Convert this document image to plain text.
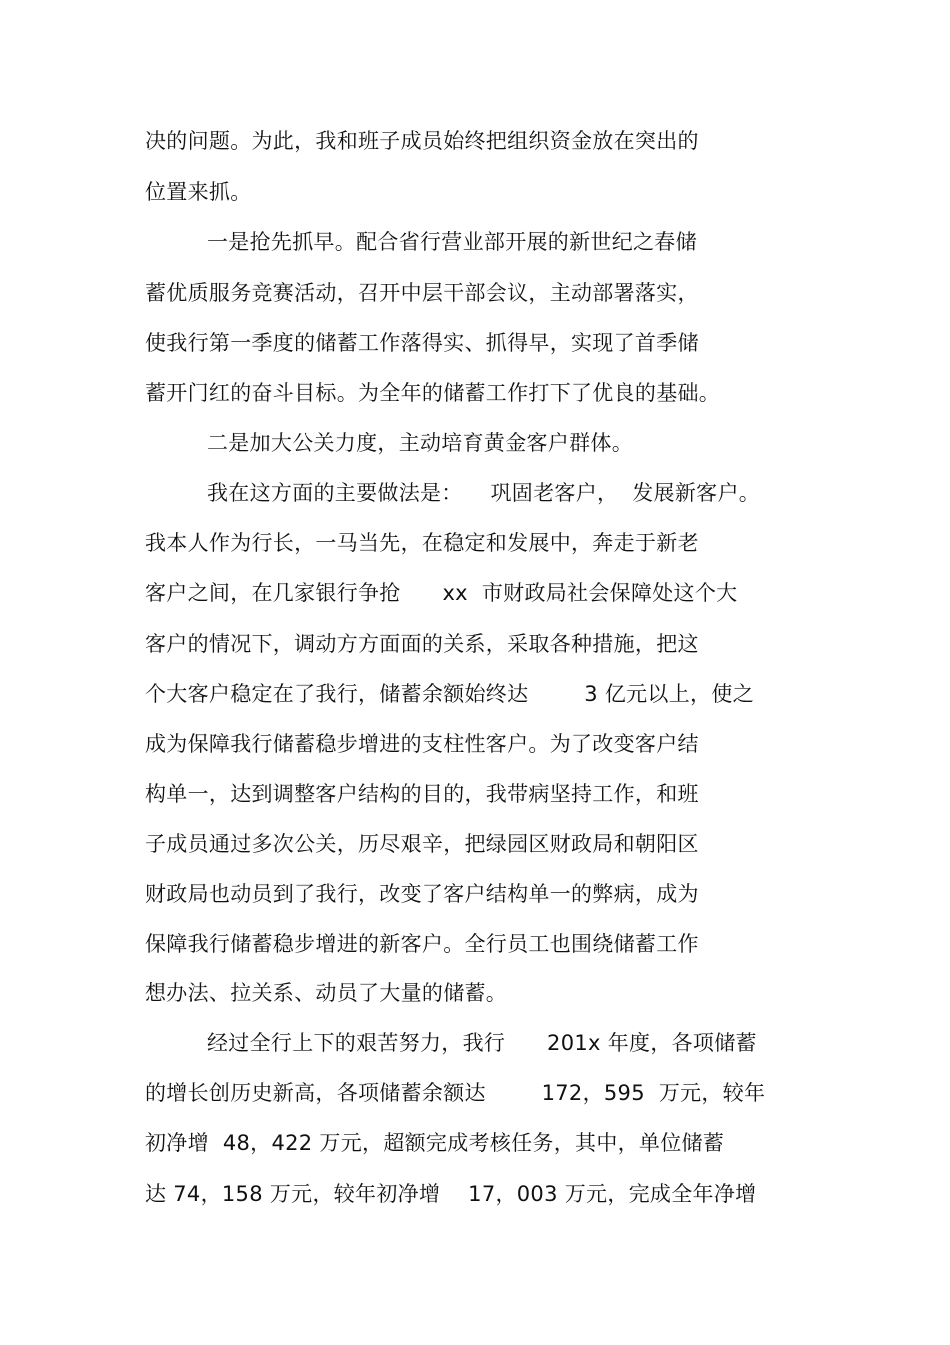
决的问题。为此，我和班子成员始终把组织资金放在突出的
位置来抓。
一是抢先抓早。配合省行营业部开展的新世纪之春储
蓄优质服务竞赛活动，召开中层干部会议，主动部署落实，
使我行第一季度的储蓄工作落得实、抓得早，实现了首季储
蓄开门红的奋斗目标。为全年的储蓄工作打下了优良的基础。
二是加大公关力度，主动培育黄金客户群体。
我在这方面的主要做法是：    巩固老客户，  发展新客户。
我本人作为行长，一马当先，在稳定和发展中，奔走于新老
客户之间，在几家银行争抢      xx  市财政局社会保障处这个大
客户的情况下，调动方方面面的关系，采取各种措施，把这
个大客户稳定在了我行，储蓄余额始终达        3 亿元以上，使之
成为保障我行储蓄稳步增进的支柱性客户。为了改变客户结
构单一，达到调整客户结构的目的，我带病坚持工作，和班
子成员通过多次公关，历尽艰辛，把绿园区财政局和朝阳区
财政局也动员到了我行，改变了客户结构单一的弊病，成为
保障我行储蓄稳步增进的新客户。全行员工也围绕储蓄工作
想办法、拉关系、动员了大量的储蓄。
经过全行上下的艰苦努力，我行      201x 年度，各项储蓄
的增长创历史新高，各项储蓄余额达        172，595  万元，较年
初净增  48，422 万元，超额完成考核任务，其中，单位储蓄
达 74，158 万元，较年初净增    17，003 万元，完成全年净增
